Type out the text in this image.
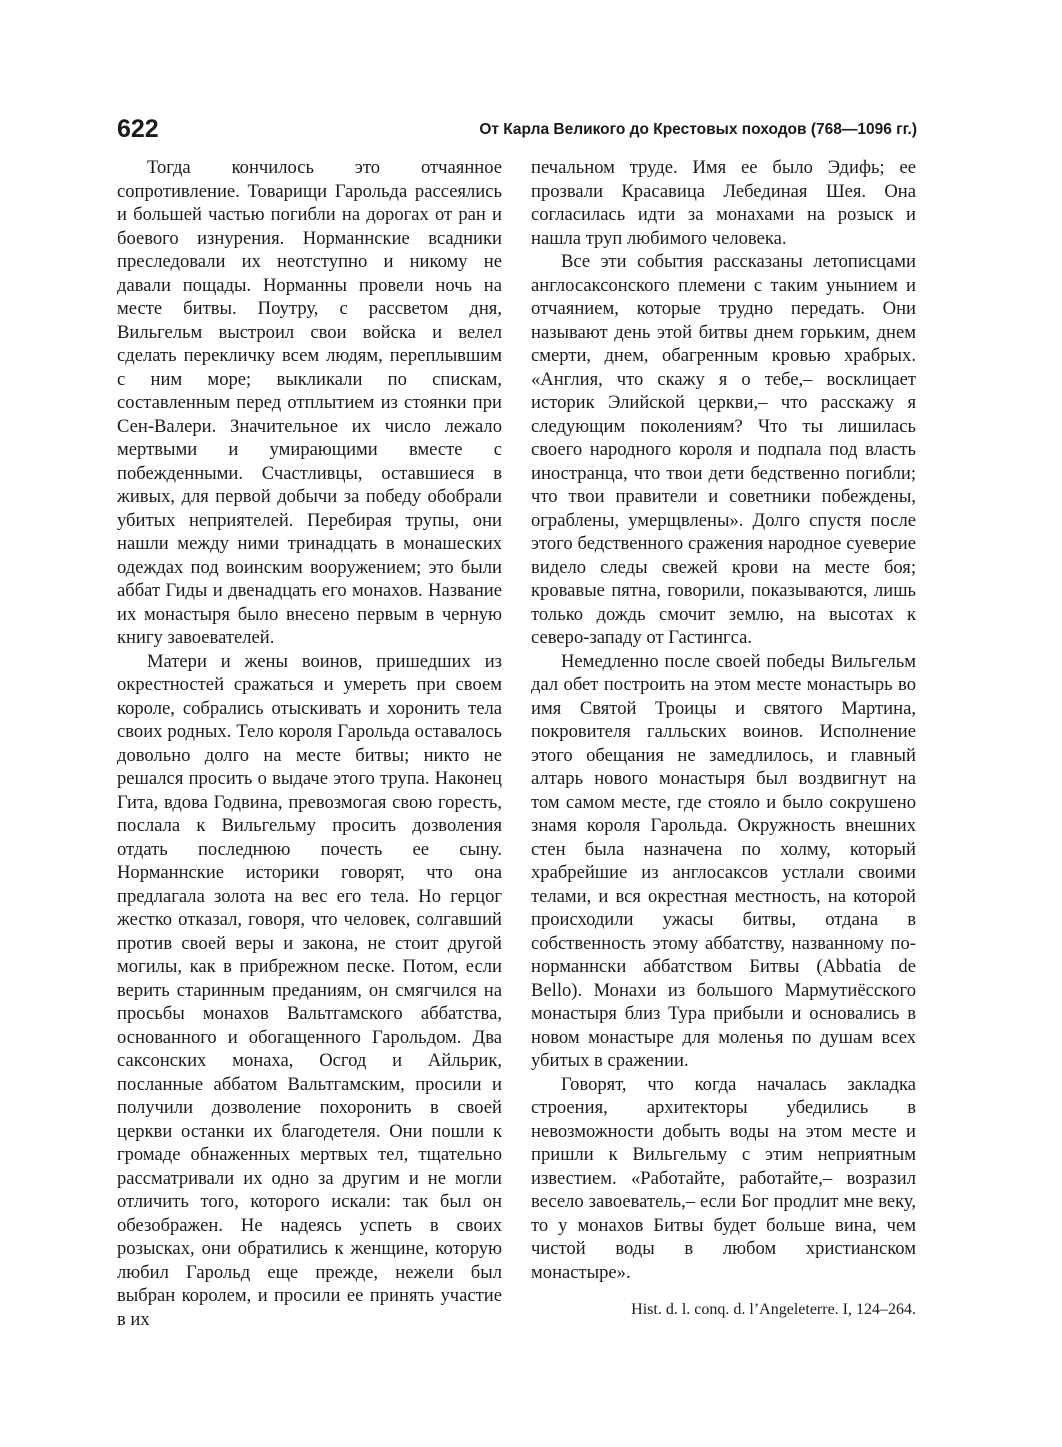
622	От Карла Великого до Крестовых походов (768—1096 гг.)

Тогда кончилось это отчаянное сопротивление. Товарищи Гарольда рассеялись и большей частью погибли на дорогах от ран и боевого изнурения. Норманнские всадники преследовали их неотступно и никому не давали пощады. Норманны провели ночь на месте битвы. Поутру, с рассветом дня, Вильгельм выстроил свои войска и велел сделать перекличку всем людям, переплывшим с ним море; выкликали по спискам, составленным перед отплытием из стоянки при Сен-Валери. Значительное их число лежало мертвыми и умирающими вместе с побежденными. Счастливцы, оставшиеся в живых, для первой добычи за победу обобрали убитых неприятелей. Перебирая трупы, они нашли между ними тринадцать в монашеских одеждах под воинским вооружением; это были аббат Гиды и двенадцать его монахов. Название их монастыря было внесено первым в черную книгу завоевателей.

Матери и жены воинов, пришедших из окрестностей сражаться и умереть при своем короле, собрались отыскивать и хоронить тела своих родных. Тело короля Гарольда оставалось довольно долго на месте битвы; никто не решался просить о выдаче этого трупа. Наконец Гита, вдова Годвина, превозмогая свою горесть, послала к Вильгельму просить дозволения отдать последнюю почесть ее сыну. Норманнские историки говорят, что она предлагала золота на вес его тела. Но герцог жестко отказал, говоря, что человек, солгавший против своей веры и закона, не стоит другой могилы, как в прибрежном песке. Потом, если верить старинным преданиям, он смягчился на просьбы монахов Вальтгамского аббатства, основанного и обогащенного Гарольдом. Два саксонских монаха, Осгод и Айльрик, посланные аббатом Вальтгамским, просили и получили дозволение похоронить в своей церкви останки их благодетеля. Они пошли к громаде обнаженных мертвых тел, тщательно рассматривали их одно за другим и не могли отличить того, которого искали: так был он обезображен. Не надеясь успеть в своих розысках, они обратились к женщине, которую любил Гарольд еще прежде, нежели был выбран королем, и просили ее принять участие в их

печальном труде. Имя ее было Эдифь; ее прозвали Красавица Лебединая Шея. Она согласилась идти за монахами на розыск и нашла труп любимого человека.

Все эти события рассказаны летописцами англосаксонского племени с таким унынием и отчаянием, которые трудно передать. Они называют день этой битвы днем горьким, днем смерти, днем, обагренным кровью храбрых. «Англия, что скажу я о тебе,– восклицает историк Элийской церкви,– что расскажу я следующим поколениям? Что ты лишилась своего народного короля и подпала под власть иностранца, что твои дети бедственно погибли; что твои правители и советники побеждены, ограблены, умерщвлены». Долго спустя после этого бедственного сражения народное суеверие видело следы свежей крови на месте боя; кровавые пятна, говорили, показываются, лишь только дождь смочит землю, на высотах к северо-западу от Гастингса.

Немедленно после своей победы Вильгельм дал обет построить на этом месте монастырь во имя Святой Троицы и святого Мартина, покровителя галльских воинов. Исполнение этого обещания не замедлилось, и главный алтарь нового монастыря был воздвигнут на том самом месте, где стояло и было сокрушено знамя короля Гарольда. Окружность внешних стен была назначена по холму, который храбрейшие из англосаксов устлали своими телами, и вся окрестная местность, на которой происходили ужасы битвы, отдана в собственность этому аббатству, названному по-норманнски аббатством Битвы (Abbatia de Bello). Монахи из большого Мармутиёсского монастыря близ Тура прибыли и основались в новом монастыре для моленья по душам всех убитых в сражении.

Говорят, что когда началась закладка строения, архитекторы убедились в невозможности добыть воды на этом месте и пришли к Вильгельму с этим неприятным известием. «Работайте, работайте,– возразил весело завоеватель,– если Бог продлит мне веку, то у монахов Битвы будет больше вина, чем чистой воды в любом христианском монастыре».

Hist. d. l. conq. d. l’Angeleterre. I, 124–264.
